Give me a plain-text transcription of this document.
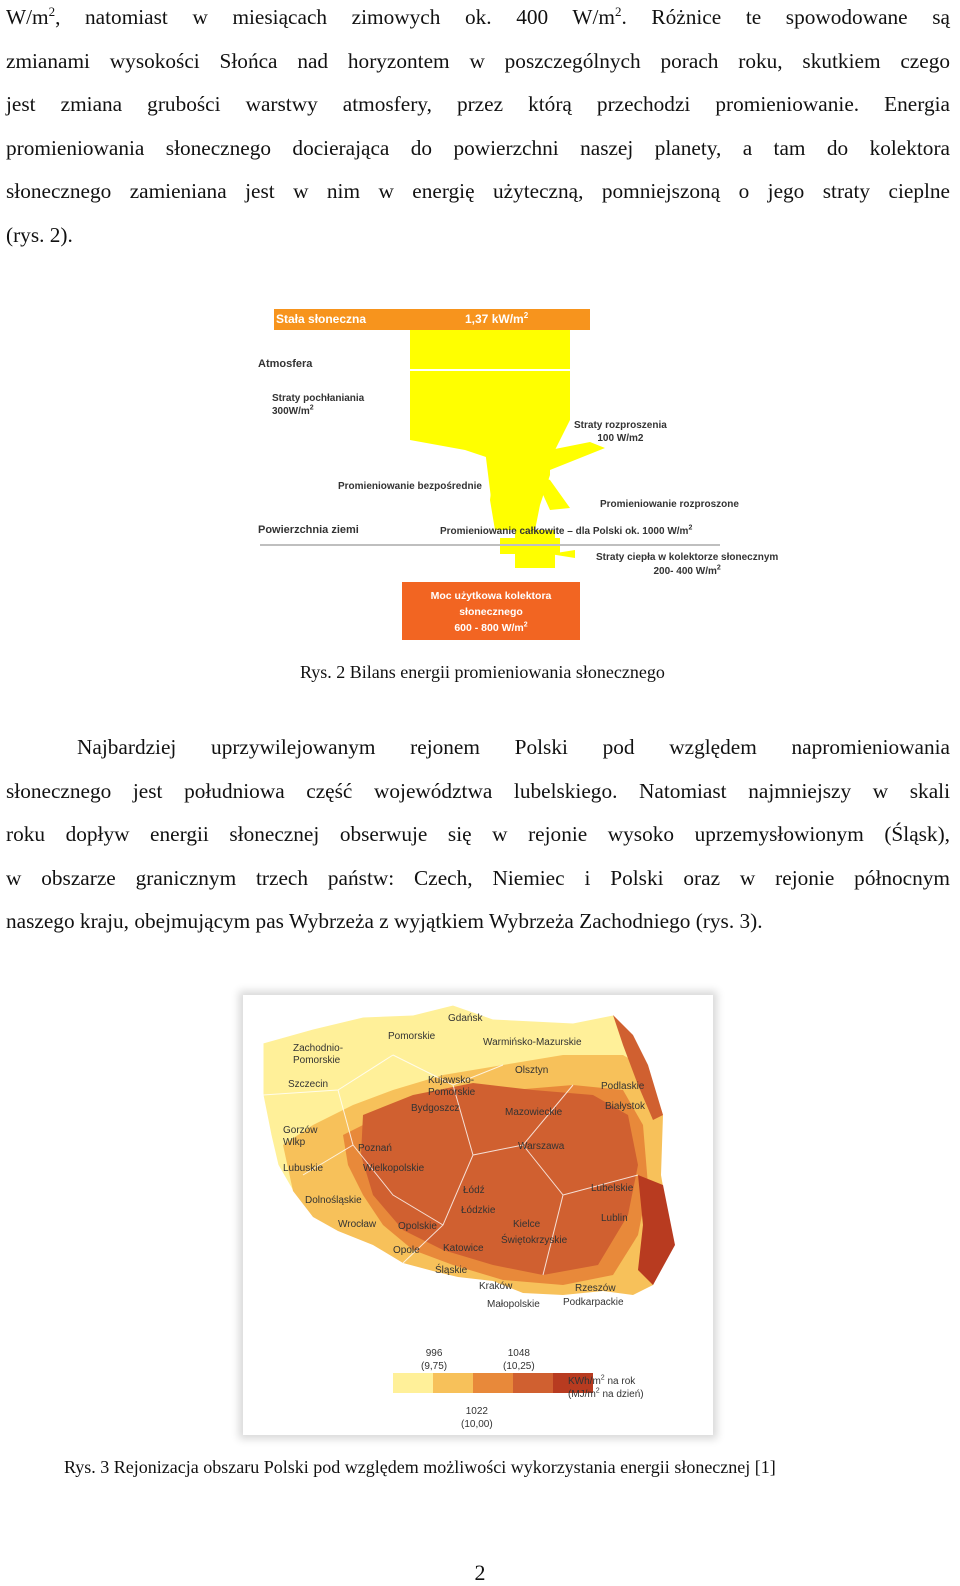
$W/m^2$, natomiast w miesiącach zimowych ok. 400 $W/m^2$. Różnice te spowodowane są
zmianami wysokości Słońca nad horyzontem w poszczególnych porach roku, skutkiem czego
jest zmiana grubości warstwy atmosfery, przez którą przechodzi promieniowanie. Energia
promieniowania słonecznego docierająca do powierzchni naszej planety, a tam do kolektora
słonecznego zamieniana jest w nim w energię użyteczną, pomniejszoną o jego straty cieplne
(rys. 2).
Stała słoneczna	1,37 $kW/m^2$
Atmosfera
Straty pochłaniania
$300W/m^2$
Straty rozproszenia
100 W/m2
Promieniowanie bezpośrednie
Promieniowanie rozproszone
Powierzchnia ziemi	Promieniowanie całkowite – dla Polski ok. 1000 $W/m^2$
Straty ciepła w kolektorze słonecznym
200- 400 $W/m^2$
Moc użytkowa kolektora
słonecznego
600 - 800 $W/m^2$
Rys. 2 Bilans energii promieniowania słonecznego
Najbardziej uprzywilejowanym rejonem Polski pod względem napromieniowania
słonecznego jest południowa część województwa lubelskiego. Natomiast najmniejszy w skali
roku dopływ energii słonecznej obserwuje się w rejonie wysoko uprzemysłowionym (Śląsk),
w obszarze granicznym trzech państw: Czech, Niemiec i Polski oraz w rejonie północnym
naszego kraju, obejmującym pas Wybrzeża z wyjątkiem Wybrzeża Zachodniego (rys. 3).
996
(9,75)
1048
(10,25)
1022
(10,00)
KWh/$m^2$ na rok
($MJ/m^2$ na dzień)
Gdańsk
Pomorskie
Zachodnio-Pomorskie
Warmińsko-Mazurskie
Szczecin
Olsztyn
Kujawsko-Pomorskie
Podlaskie
Białystok
Bydgoszcz	Mazowieckie
Gorzów Wlkp
Poznań	Warszawa
Lubuskie	Wielkopolskie
Łódź	Lubelskie
Dolnośląskie
Łódzkie
Lublin
Wrocław Opolskie	Kielce
Świętokrzyskie
Opole Katowice
Śląskie
Kraków	Rzeszów
Małopolskie Podkarpackie
Rys. 3 Rejonizacja obszaru Polski pod względem możliwości wykorzystania energii słonecznej [1]
2
